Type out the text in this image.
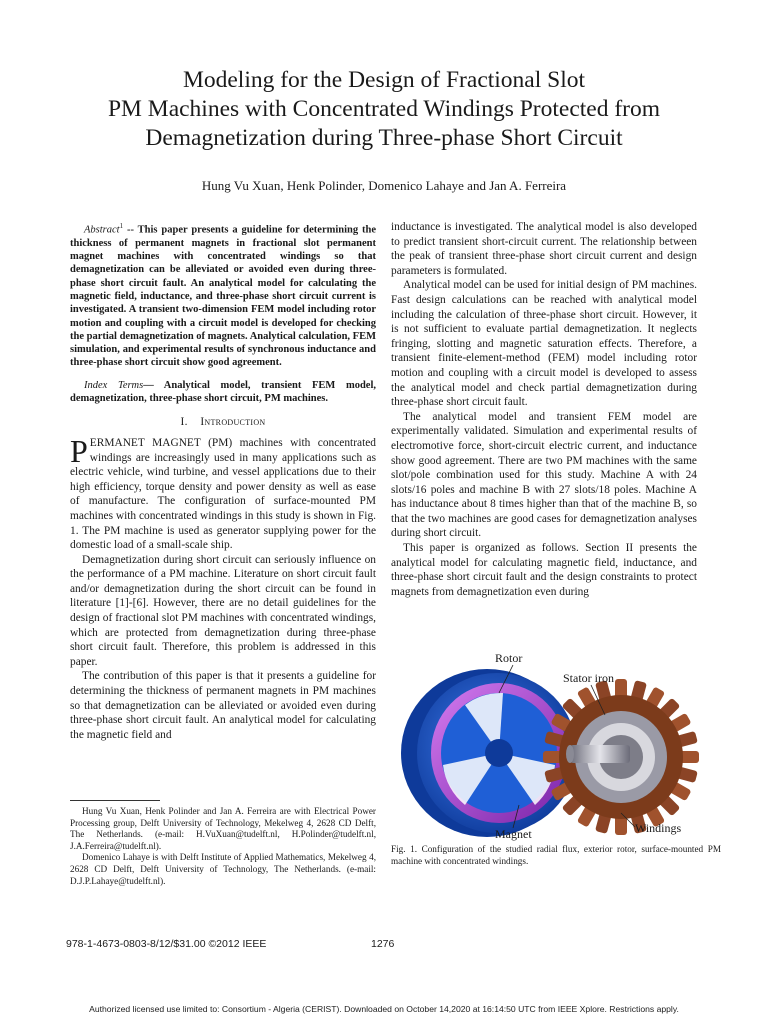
Modeling for the Design of Fractional Slot
PM Machines with Concentrated Windings Protected from
Demagnetization during Three-phase Short Circuit
Hung Vu Xuan, Henk Polinder, Domenico Lahaye and Jan A. Ferreira
Abstract$^1$ -- This paper presents a guideline for determining the thickness of permanent magnets in fractional slot permanent magnet machines with concentrated windings so that demagnetization can be alleviated or avoided even during three-phase short circuit fault. An analytical model for calculating the magnetic field, inductance, and three-phase short circuit current is investigated. A transient two-dimension FEM model including rotor motion and coupling with a circuit model is developed for checking the partial demagnetization of magnets. Analytical calculation, FEM simulation, and experimental results of synchronous inductance and three-phase short circuit show good agreement.
Index Terms— Analytical model, transient FEM model, demagnetization, three-phase short circuit, PM machines.
I. Introduction

PERMANET MAGNET (PM) machines with concentrated windings are increasingly used in many applications such as electric vehicle, wind turbine, and vessel applications due to their high efficiency, torque density and power density as well as ease of manufacture. The configuration of surface-mounted PM machines with concentrated windings in this study is shown in Fig. 1. The PM machine is used as generator supplying power for the domestic load of a small-scale ship.

Demagnetization during short circuit can seriously influence on the performance of a PM machine. Literature on short circuit fault and/or demagnetization during the short circuit can be found in literature [1]-[6]. However, there are no detail guidelines for the design of fractional slot PM machines with concentrated windings, which are protected from demagnetization during three-phase short circuit fault. Therefore, this problem is addressed in this paper.

The contribution of this paper is that it presents a guideline for determining the thickness of permanent magnets in PM machines so that demagnetization can be alleviated or avoided even during three-phase short circuit fault. An analytical model for calculating the magnetic field and

inductance is investigated. The analytical model is also developed to predict transient short-circuit current. The relationship between the peak of transient three-phase short circuit current and design parameters is formulated.

Analytical model can be used for initial design of PM machines. Fast design calculations can be reached with analytical model including the calculation of three-phase short circuit. However, it is not sufficient to evaluate partial demagnetization. It neglects fringing, slotting and magnetic saturation effects. Therefore, a transient finite-element-method (FEM) model including rotor motion and coupling with a circuit model is developed to assess the analytical model and check partial demagnetization during three-phase short circuit fault.

The analytical model and transient FEM model are experimentally validated. Simulation and experimental results of electromotive force, short-circuit electric current, and inductance show good agreement. There are two PM machines with the same slot/pole combination used for this study. Machine A with 24 slots/16 poles and machine B with 27 slots/18 poles. Machine A has inductance about 8 times higher than that of the machine B, so that the two machines are good cases for demagnetization analyses during short circuit.

This paper is organized as follows. Section II presents the analytical model for calculating magnetic field, inductance, and three-phase short circuit fault and the design constraints to protect magnets from demagnetization even during

Hung Vu Xuan, Henk Polinder and Jan A. Ferreira are with Electrical Power Processing group, Delft University of Technology, Mekelweg 4, 2628 CD Delft, The Netherlands. (e-mail: H.VuXuan@tudelft.nl, H.Polinder@tudelft.nl, J.A.Ferreira@tudelft.nl).

Domenico Lahaye is with Delft Institute of Applied Mathematics, Mekelweg 4, 2628 CD Delft, Delft University of Technology, The Netherlands. (e-mail: D.J.P.Lahaye@tudelft.nl).

Rotor
Stator iron
Magnet	Windings
Fig. 1. Configuration of the studied radial flux, exterior rotor, surface-mounted PM machine with concentrated windings.
978-1-4673-0803-8/12/$31.00 ©2012 IEEE	1276
Authorized licensed use limited to: Consortium - Algeria (CERIST). Downloaded on October 14,2020 at 16:14:50 UTC from IEEE Xplore. Restrictions apply.
